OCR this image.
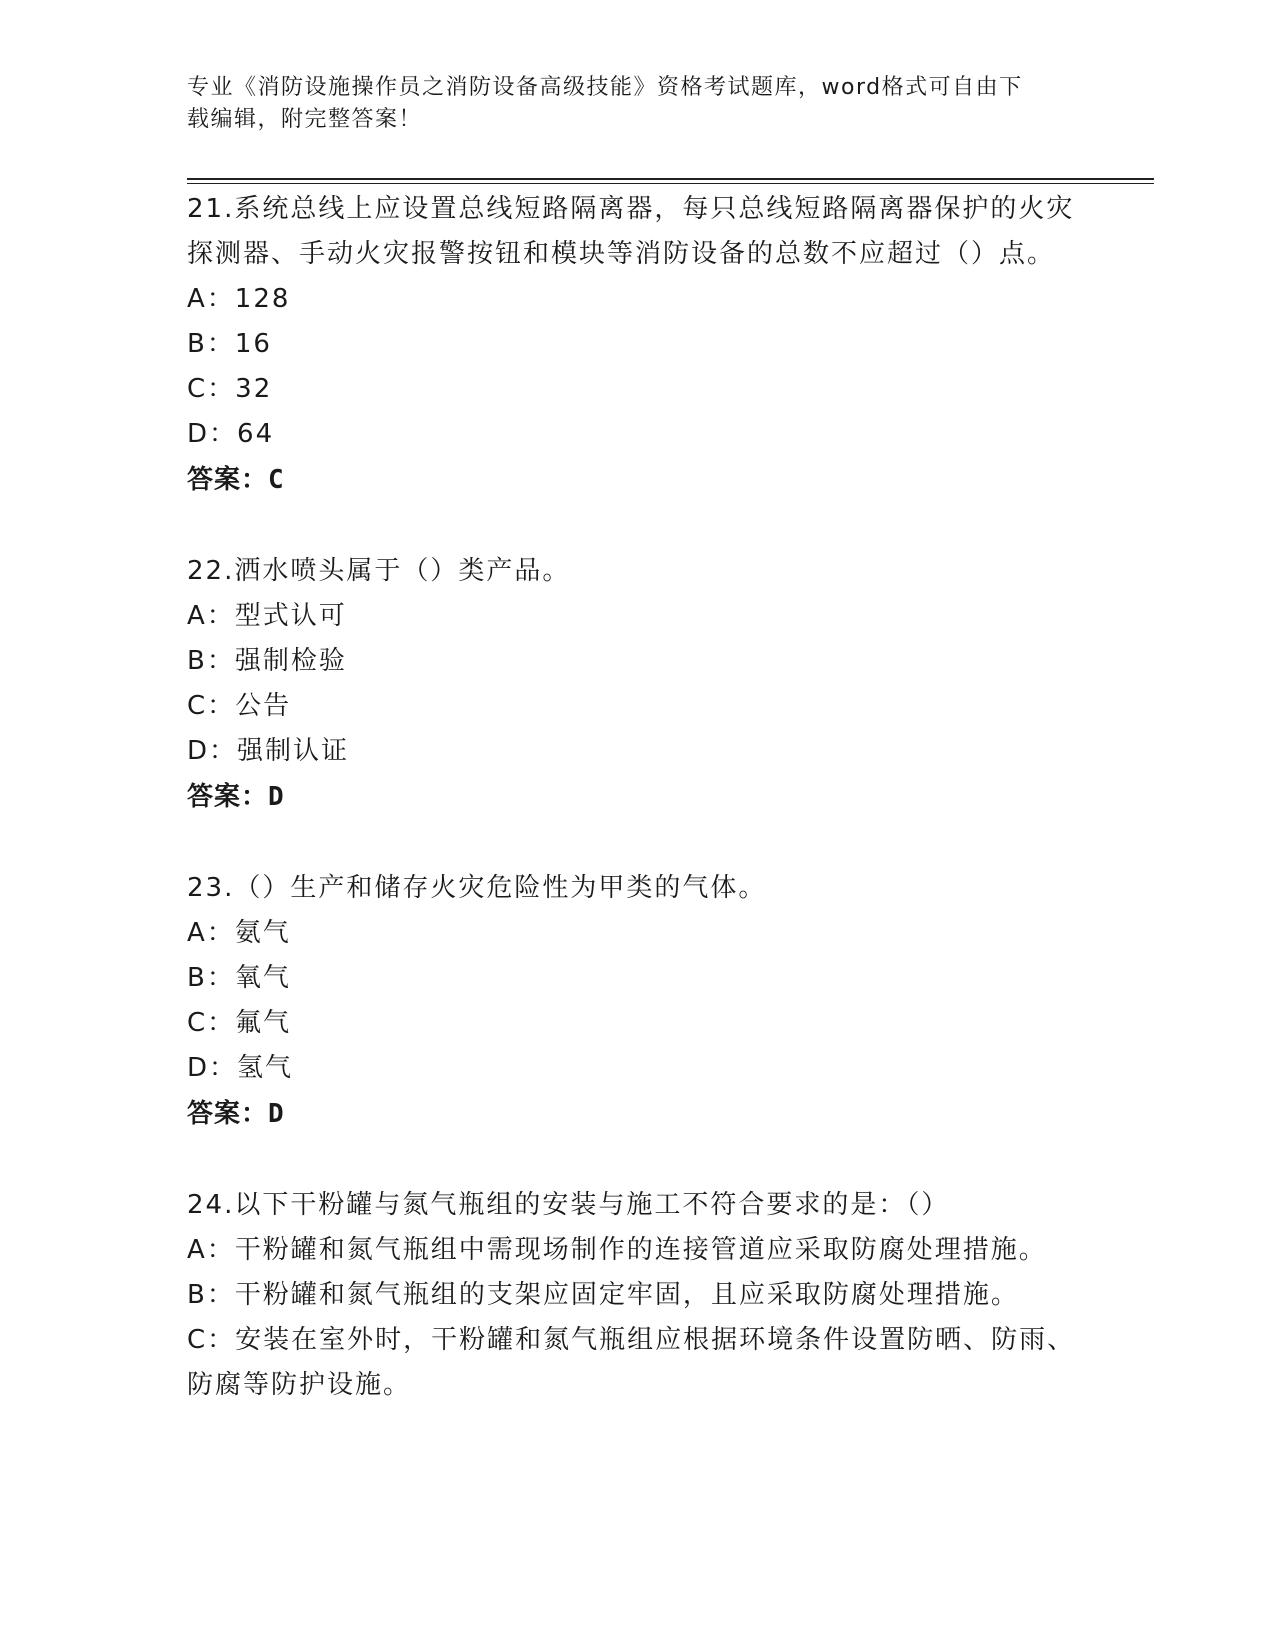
专业《消防设施操作员之消防设备高级技能》资格考试题库，word格式可自由下
载编辑，附完整答案！
21.系统总线上应设置总线短路隔离器，每只总线短路隔离器保护的火灾探测器、手动火灾报警按钮和模块等消防设备的总数不应超过（）点。
A：128
B：16
C：32
D：64
答案：C
22.洒水喷头属于（）类产品。
A：型式认可
B：强制检验
C：公告
D：强制认证
答案：D
23.（）生产和储存火灾危险性为甲类的气体。
A：氨气
B：氧气
C：氟气
D：氢气
答案：D
24.以下干粉罐与氮气瓶组的安装与施工不符合要求的是：（）
A：干粉罐和氮气瓶组中需现场制作的连接管道应采取防腐处理措施。
B：干粉罐和氮气瓶组的支架应固定牢固，且应采取防腐处理措施。
C：安装在室外时，干粉罐和氮气瓶组应根据环境条件设置防晒、防雨、防腐等防护设施。
